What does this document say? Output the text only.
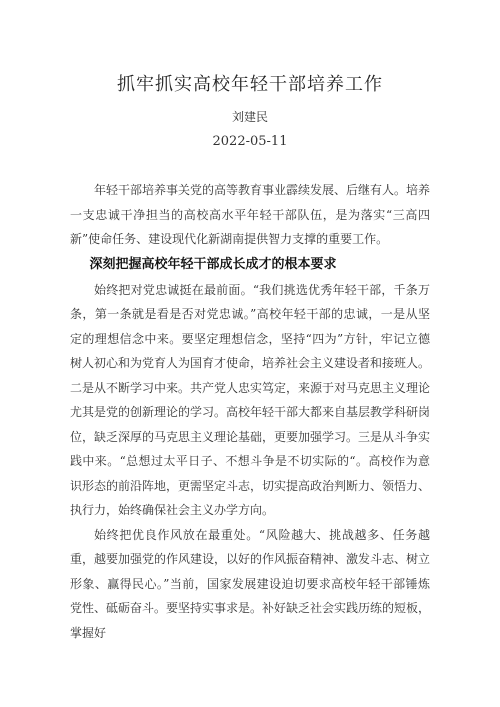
抓牢抓实高校年轻干部培养工作
刘建民
2022-05-11

年轻干部培养事关党的高等教育事业霹续发展、后继有人。培养一支忠诚干净担当的高校高水平年轻干部队伍，是为落实“三高四新”使命任务、建设现代化新湖南提供智力支撑的重要工作。

深刻把握高校年轻干部成长成才的根本要求

始终把对党忠诚挺在最前面。“我们挑选优秀年轻干部，千条万条，第一条就是看是否对党忠诚。”高校年轻干部的忠诚，一是从坚定的理想信念中来。要坚定理想信念，坚持“四为”方针，牢记立德树人初心和为党育人为国育才使命，培养社会主义建设者和接班人。二是从不断学习中来。共产党人忠实笃定，来源于对马克思主义理论尤其是党的创新理论的学习。高校年轻干部大都来自基层教学科研岗位，缺乏深厚的马克思主义理论基础，更要加强学习。三是从斗争实践中来。“总想过太平日子、不想斗争是不切实际的“。高校作为意识形态的前沿阵地，更需坚定斗志，切实提高政治判断力、领悟力、执行力，始终确保社会主义办学方向。

始终把优良作风放在最重处。“风险越大、挑战越多、任务越重，越要加强党的作风建设，以好的作风振奋精神、激发斗志、树立形象、赢得民心。”当前，国家发展建设迫切要求高校年轻干部锤炼党性、砥砺奋斗。要坚持实事求是。补好缺乏社会实践历练的短板，掌握好
